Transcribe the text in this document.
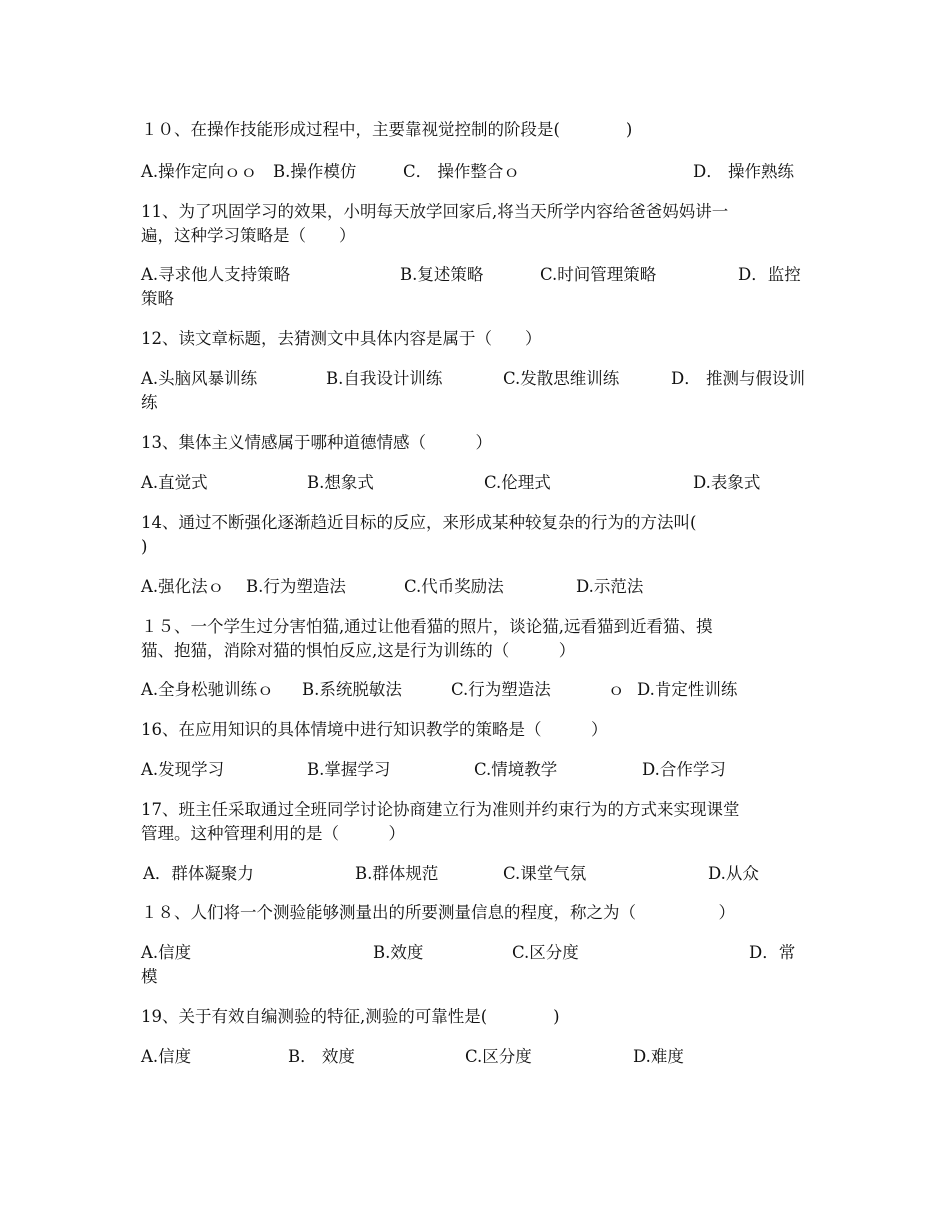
１０、在操作技能形成过程中，主要靠视觉控制的阶段是(　　　　)
A.操作定向ｏｏ B.操作模仿	C． 操作整合ｏ	D． 操作熟练
11、为了巩固学习的效果，小明每天放学回家后,将当天所学内容给爸爸妈妈讲一
遍，这种学习策略是（　　）
A.寻求他人支持策略	B.复述策略	C.时间管理策略	D．监控
策略
12、读文章标题，去猜测文中具体内容是属于（　　）
A.头脑风暴训练	B.自我设计训练	C.发散思维训练	D． 推测与假设训
练
13、集体主义情感属于哪种道德情感（　　　）
A.直觉式	B.想象式	C.伦理式	D.表象式
14、通过不断强化逐渐趋近目标的反应，来形成某种较复杂的行为的方法叫(
)
A.强化法ｏ B.行为塑造法	C.代币奖励法	D.示范法
１５、一个学生过分害怕猫,通过让他看猫的照片，谈论猫,远看猫到近看猫、摸
猫、抱猫，消除对猫的惧怕反应,这是行为训练的（　　　）
A.全身松驰训练ｏ B.系统脱敏法	C.行为塑造法	ｏ D.肯定性训练
16、在应用知识的具体情境中进行知识教学的策略是（　　　）
A.发现学习	B.掌握学习	C.情境教学	D.合作学习
17、班主任采取通过全班同学讨论协商建立行为准则并约束行为的方式来实现课堂
管理。这种管理利用的是（　　　）
A．群体凝聚力	B.群体规范	C.课堂气氛	D.从众
１８、人们将一个测验能够测量出的所要测量信息的程度，称之为（　　　　　）
A.信度	B.效度	C.区分度	D．常
模
19、关于有效自编测验的特征,测验的可靠性是(　　　　)
A.信度	B． 效度	C.区分度	D.难度
